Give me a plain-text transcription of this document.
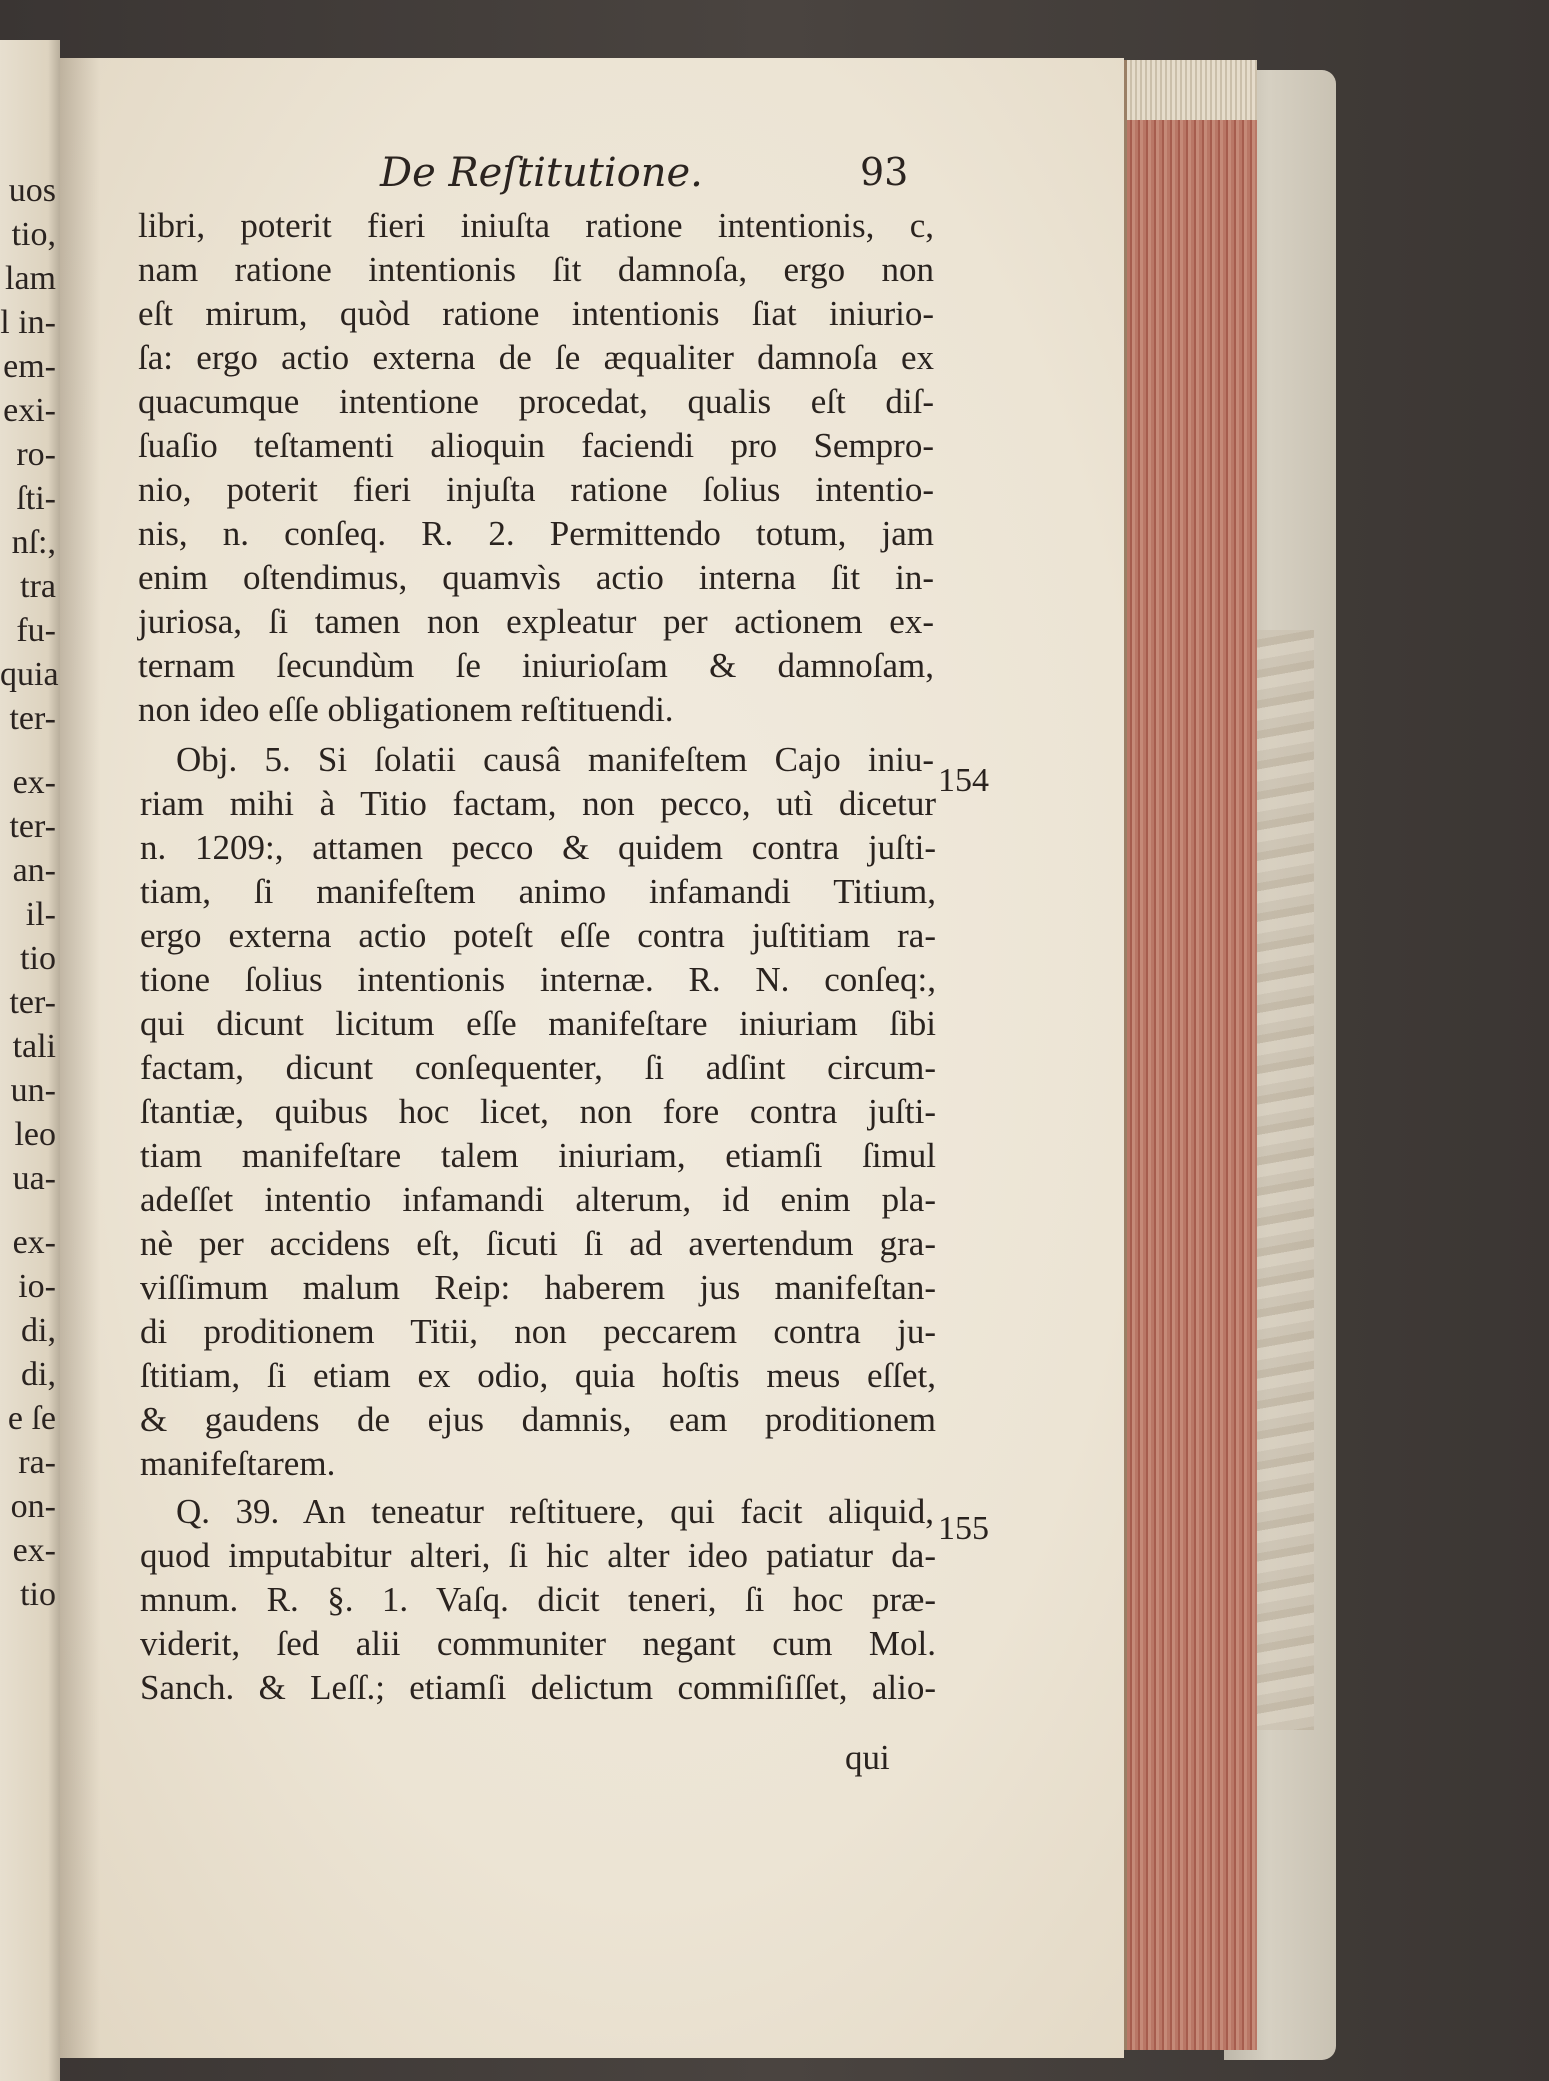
uos
tio,
lam
l in-
em-
exi-
ro-
ſti-
nſ:,
tra
fu-
quia
ter-
ex-
ter-
an-
il-
tio
ter-
tali
un-
leo
ua-
ex-
io-
di,
di,
e ſe
ra-
on-
ex-
tio
De Reſtitutione.	93
libri, poterit fieri iniuſta ratione intentionis, c,
nam ratione intentionis ſit damnoſa, ergo non
eſt mirum, quòd ratione intentionis ſiat iniurio-
ſa: ergo actio externa de ſe æqualiter damnoſa ex
quacumque intentione procedat, qualis eſt diſ-
ſuaſio teſtamenti alioquin faciendi pro Sempro-
nio, poterit fieri injuſta ratione ſolius intentio-
nis, n. conſeq. R. 2. Permittendo totum, jam
enim oſtendimus, quamvìs actio interna ſit in-
juriosa, ſi tamen non expleatur per actionem ex-
ternam ſecundùm ſe iniurioſam & damnoſam,
non ideo eſſe obligationem reſtituendi.
Obj. 5. Si ſolatii causâ manifeſtem Cajo iniu-
riam mihi à Titio factam, non pecco, utì dicetur
n. 1209:, attamen pecco & quidem contra juſti-
tiam, ſi manifeſtem animo infamandi Titium,
ergo externa actio poteſt eſſe contra juſtitiam ra-
tione ſolius intentionis internæ. R. N. conſeq:,
qui dicunt licitum eſſe manifeſtare iniuriam ſibi
factam, dicunt conſequenter, ſi adſint circum-
ſtantiæ, quibus hoc licet, non fore contra juſti-
tiam manifeſtare talem iniuriam, etiamſi ſimul
adeſſet intentio infamandi alterum, id enim pla-
nè per accidens eſt, ſicuti ſi ad avertendum gra-
viſſimum malum Reip: haberem jus manifeſtan-
di proditionem Titii, non peccarem contra ju-
ſtitiam, ſi etiam ex odio, quia hoſtis meus eſſet,
& gaudens de ejus damnis, eam proditionem
manifeſtarem.
Q. 39. An teneatur reſtituere, qui facit aliquid,
quod imputabitur alteri, ſi hic alter ideo patiatur da-
mnum. R. §. 1. Vaſq. dicit teneri, ſi hoc præ-
viderit, ſed alii communiter negant cum Mol.
Sanch. & Leſſ.; etiamſi delictum commiſiſſet, alio-
154
155
qui
